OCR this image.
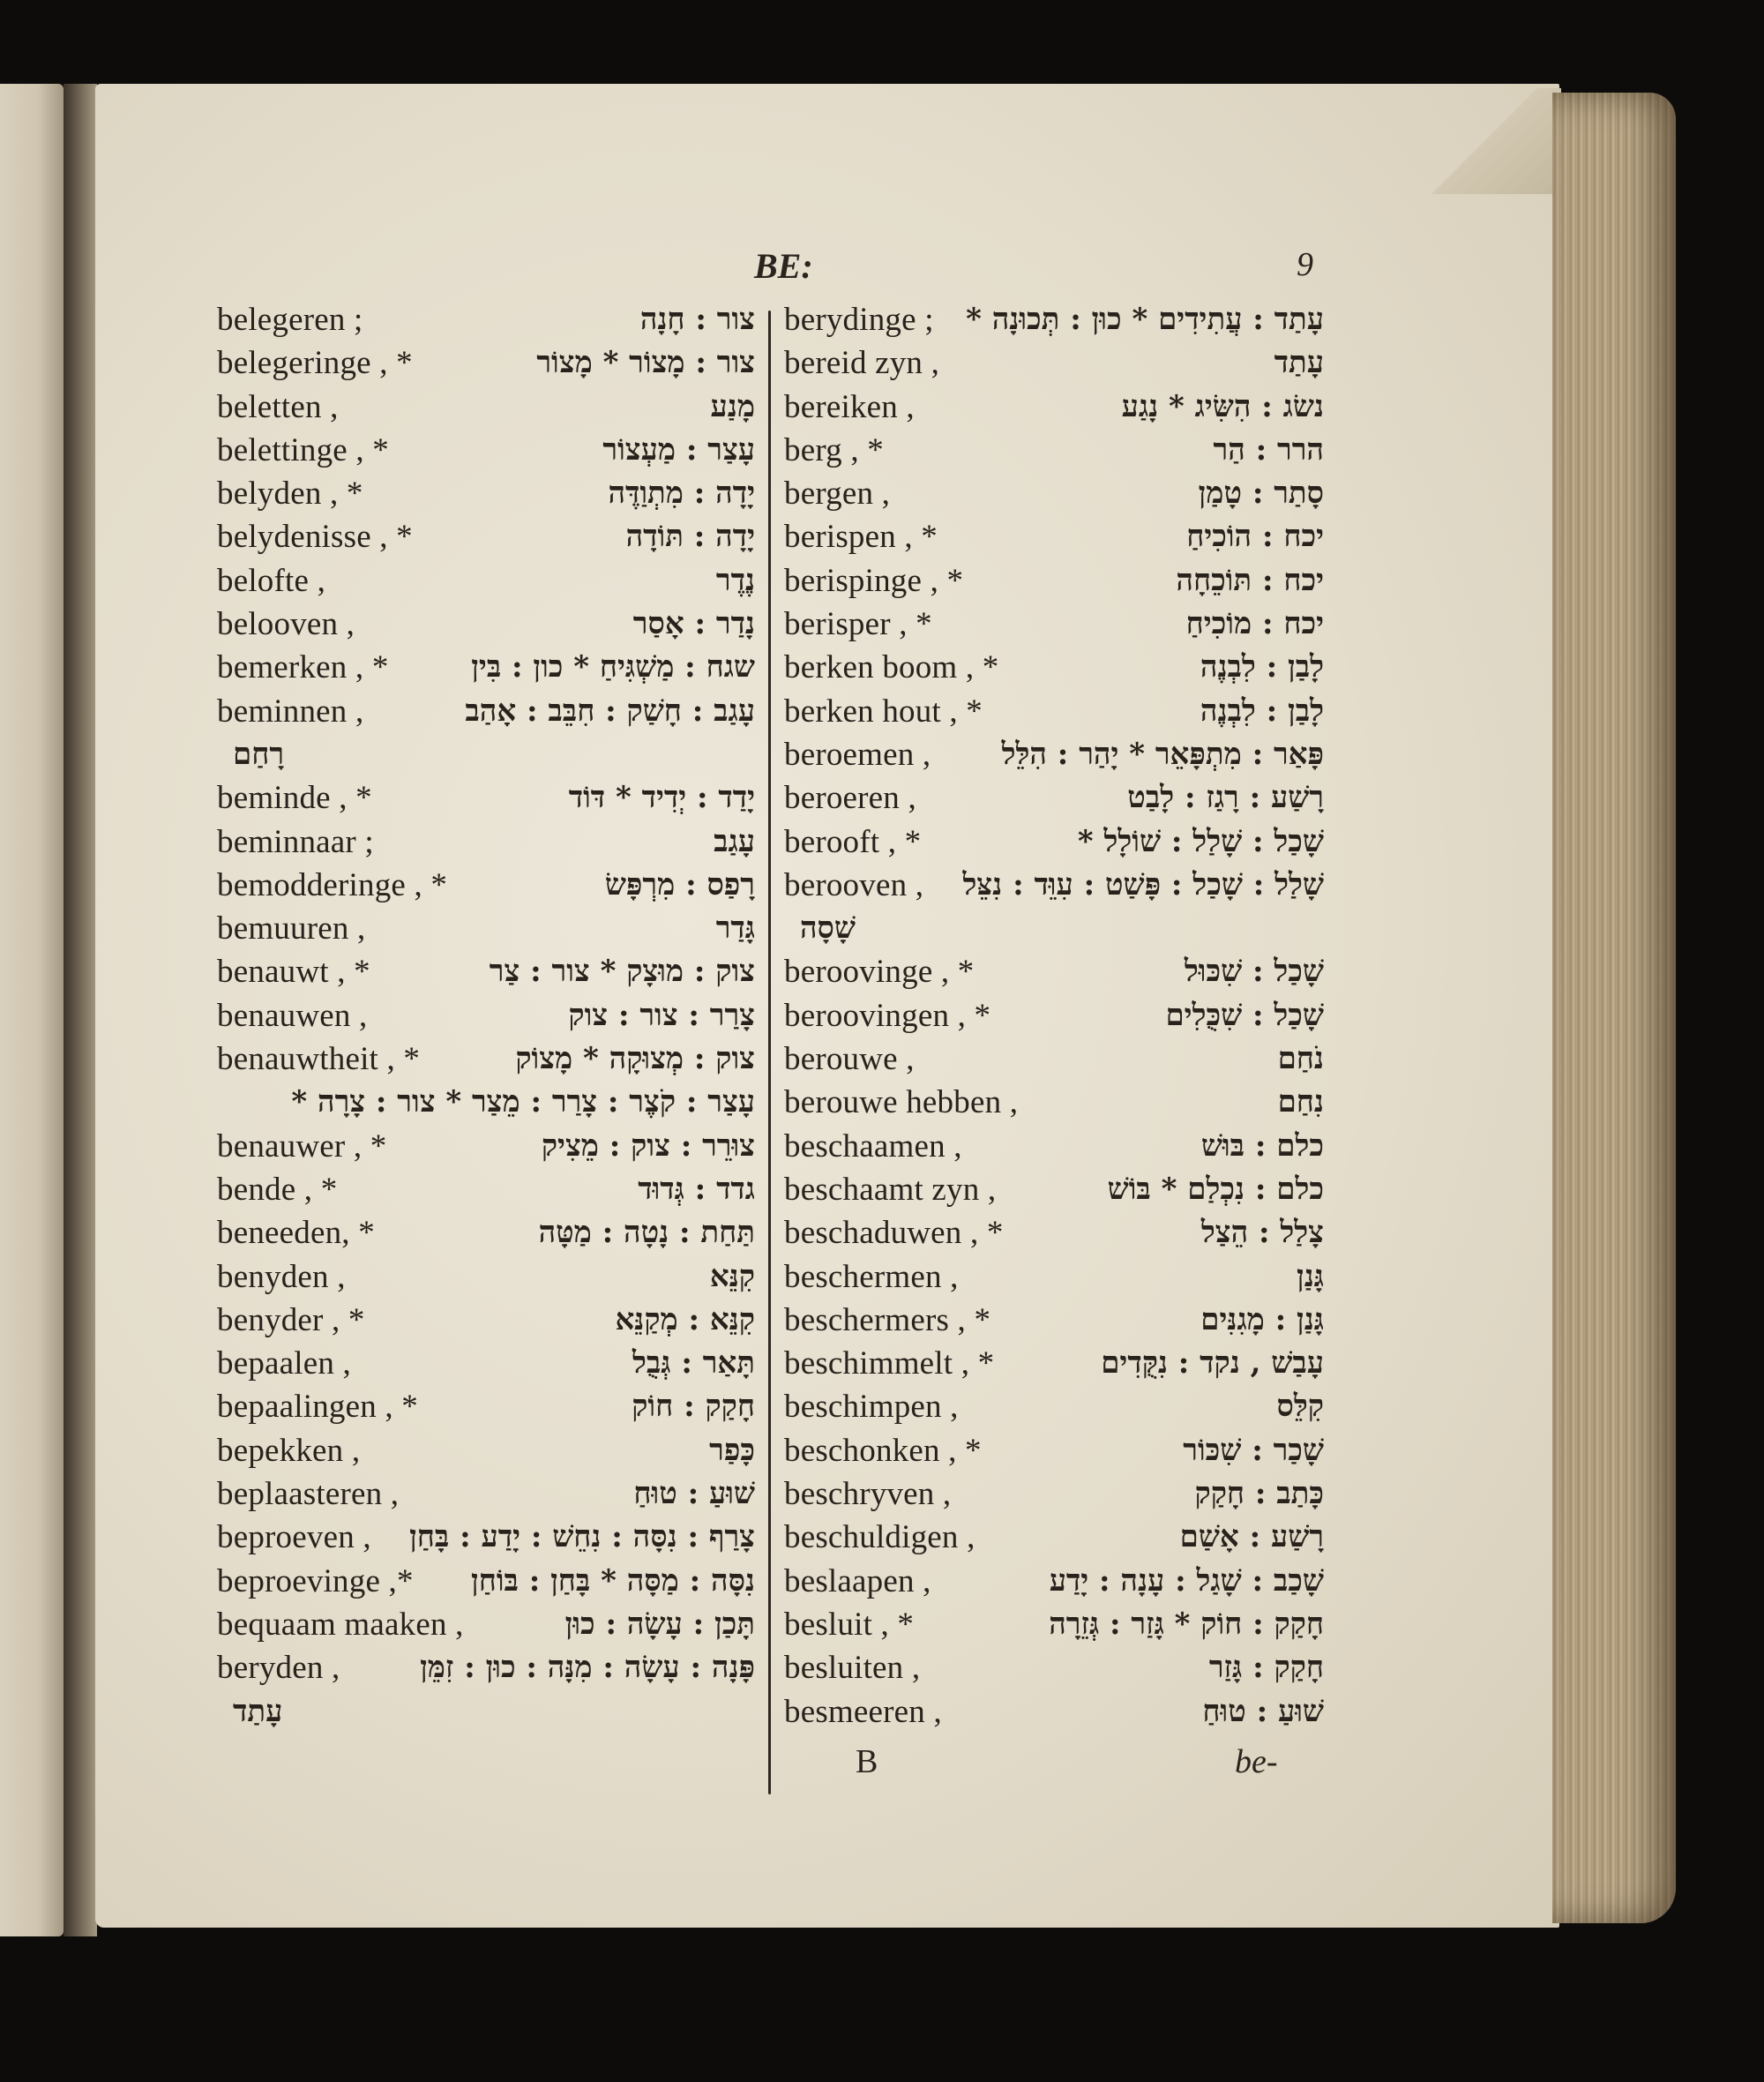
BE:	9
belegeren ;	צור : חָנָה
belegeringe , *	צור : מָצוֹר * מָצוֹר
beletten ,	מָנַע
belettinge , *	עָצַר : מַעְצוֹר
belyden , *	יָדָה : מִתְוַדֶּה
belydenisse , *	יָדָה : תּוֹדָה
belofte ,	נֶדֶר
belooven ,	נָדַר : אָסַר
bemerken , *	שגח : מַשְׁגִּיחַ * כון : בִּין
beminnen ,	עָגַב : חָשַׁק : חִבֵּב : אָהַב
רָחַם
beminde , *	יָדַד : יְדִיד * דּוֹד
beminnaar ;	עָגַב
bemodderinge , *	רָפַס : מִרְפָּשׂ
bemuuren ,	גָּדַר
benauwt , *	צוק : מוּצָק * צור : צַר
benauwen ,	צָרַר : צור : צוק
benauwtheit , *	צוק : מְצוּקָה * מָצוֹק
עָצַר : קֹצֶר : צָרַר : מֵצַר * צור : צָרָה *
benauwer , *	צוּרֵר : צוק : מֵצִיק
bende , *	גדד : גְּדוּד
beneeden, *	תַּחַת : נָטָה : מַטָּה
benyden ,	קִנֵּא
benyder , *	קִנֵּא : מְקַנֵּא
bepaalen ,	תָּאַר : גְּבֻל
bepaalingen , *	חָקַק : חוֹק
bepekken ,	כָּפַר
beplaasteren ,	שׁוּעַ : טוּחַ
beproeven , צָרַף : נִסָּה : נִחֵשׁ : יָדַע : בָּחַן
beproevinge ,* נִסָּה : מַסָּה * בָּחַן : בּוֹחַן
bequaam maaken ,	תָּכַן : עָשָׂה : כוּן
beryden ,	פָּנָה : עָשָׂה : מִנָּה : כוּן : זִמֵּן
עָתַד
berydinge ; עָתַד : עֲתִידִים * כוּן : תְּכוּנָה *
bereid zyn ,	עָתַד
bereiken ,	נשׂג : הִשִּׂיג * נָגַע
berg , *	הרר : הַר
bergen ,	סָתַר : טָמַן
berispen , *	יכח : הוֹכִיחַ
berispinge , *	יכח : תּוֹכֵחָה
berisper , *	יכח : מוֹכִיחַ
berken boom , *	לָבַן : לִבְנֶה
berken hout , *	לָבַן : לִבְנֶה
beroemen , פָּאַר : מִתְפָּאֵר * יָהַר : הִלֵּל
beroeren ,	רָשַׁע : רָגַז : לָבַט
berooft , *	שָׁכַל : שָׁלַל : שׁוֹלָל *
berooven , שָׁלַל : שָׁכַל : פָּשַׁט : עִוֵּד : נִצֵּל
שָׁסָה
beroovinge , *	שָׁכַל : שִׁכּוּל
beroovingen , *	שָׁכַל : שִׁכֻּלִים
berouwe ,	נֹחַם
berouwe hebben ,	נִחַם
beschaamen ,	כלם : בּוּשׁ
beschaamt zyn ,	כלם : נִכְלַם * בּוֹשׁ
beschaduwen , *	צָלַל : הֵצַל
beschermen ,	גָּנַן
beschermers , *	גָּנַן : מָגִנִּים
beschimmelt , *	עָבַשׁ , נקד : נִקֻּדִים
beschimpen ,	קִלֵּס
beschonken , *	שָׁכַר : שִׁכּוֹר
beschryven ,	כָּתַב : חָקַק
beschuldigen ,	רָשַׁע : אָשַׁם
beslaapen ,	שָׁכַב : שָׁגַל : עָנָה : יָדַע
besluit , *	חָקַק : חוֹק * גָּזַר : גְּזֵרָה
besluiten ,	חָקַק : גָּזַר
besmeeren ,	שׁוּעַ : טוּחַ
B	be-
